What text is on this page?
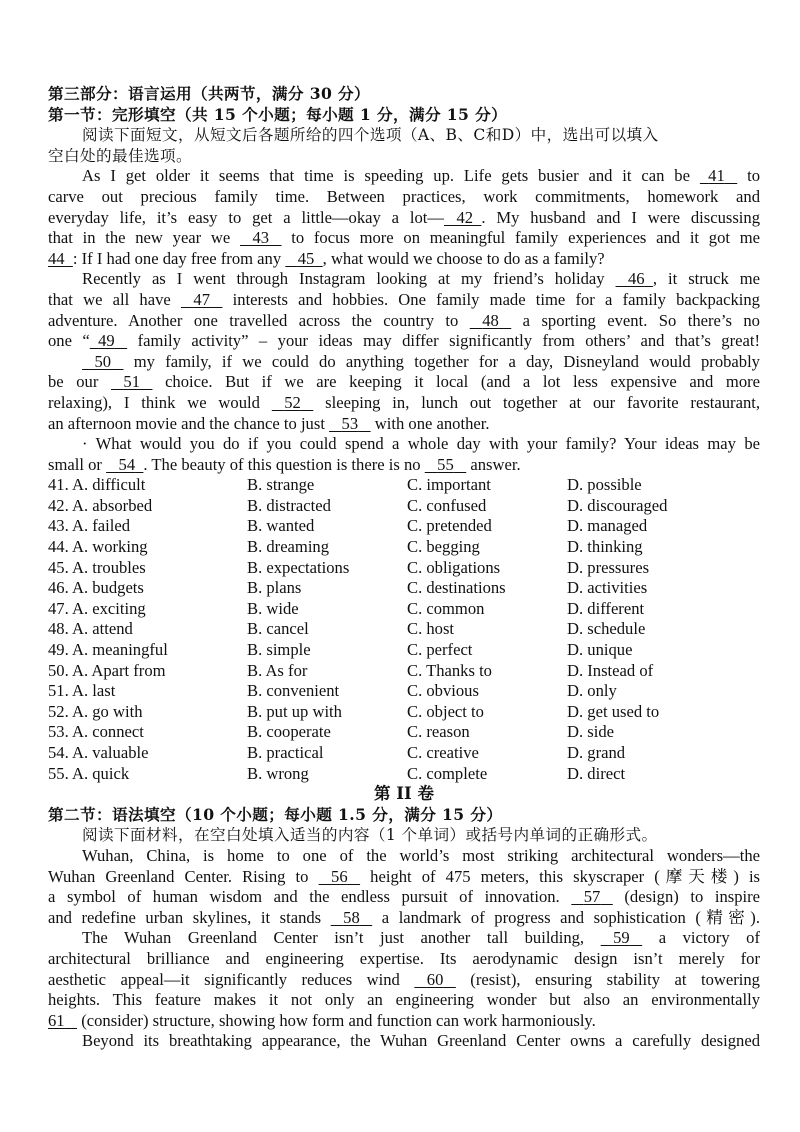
第三部分：语言运用（共两节，满分 30 分）
第一节：完形填空（共 15 个小题；每小题 1 分，满分 15 分）
阅读下面短文，从短文后各题所给的四个选项（A、B、C和D）中，选出可以填入
空白处的最佳选项。
As I get older it seems that time is speeding up. Life gets busier and it can be 41 to
carve out precious family time. Between practices, work commitments, homework and
everyday life, it’s easy to get a little—okay a lot— 42 . My husband and I were discussing
that in the new year we 43 to focus more on meaningful family experiences and it got me
44 : If I had one day free from any 45 , what would we choose to do as a family?
Recently as I went through Instagram looking at my friend’s holiday 46 , it struck me
that we all have 47 interests and hobbies. One family made time for a family backpacking
adventure. Another one travelled across the country to 48 a sporting event. So there’s no
one “ 49 family activity” – your ideas may differ significantly from others’ and that’s great!
50 my family, if we could do anything together for a day, Disneyland would probably
be our 51 choice. But if we are keeping it local (and a lot less expensive and more
relaxing), I think we would 52 sleeping in, lunch out together at our favorite restaurant,
an afternoon movie and the chance to just 53 with one another.
· What would you do if you could spend a whole day with your family? Your ideas may be
small or 54 . The beauty of this question is there is no 55 answer.
41. A. difficult	B. strange	C. important	D. possible
42. A. absorbed	B. distracted	C. confused	D. discouraged
43. A. failed	B. wanted	C. pretended	D. managed
44. A. working	B. dreaming	C. begging	D. thinking
45. A. troubles	B. expectations	C. obligations	D. pressures
46. A. budgets	B. plans	C. destinations	D. activities
47. A. exciting	B. wide	C. common	D. different
48. A. attend	B. cancel	C. host	D. schedule
49. A. meaningful	B. simple	C. perfect	D. unique
50. A. Apart from	B. As for	C. Thanks to	D. Instead of
51. A. last	B. convenient	C. obvious	D. only
52. A. go with	B. put up with	C. object to	D. get used to
53. A. connect	B. cooperate	C. reason	D. side
54. A. valuable	B. practical	C. creative	D. grand
55. A. quick	B. wrong	C. complete	D. direct
第 II 卷
第二节：语法填空（10 个小题；每小题 1.5 分，满分 15 分）
阅读下面材料，在空白处填入适当的内容（1 个单词）或括号内单词的正确形式。
Wuhan, China, is home to one of the world’s most striking architectural wonders—the
Wuhan Greenland Center. Rising to 56 height of 475 meters, this skyscraper (摩天楼) is
a symbol of human wisdom and the endless pursuit of innovation. 57 (design) to inspire
and redefine urban skylines, it stands 58 a landmark of progress and sophistication (精密).
The Wuhan Greenland Center isn’t just another tall building, 59 a victory of
architectural brilliance and engineering expertise. Its aerodynamic design isn’t merely for
aesthetic appeal—it significantly reduces wind 60 (resist), ensuring stability at towering
heights. This feature makes it not only an engineering wonder but also an environmentally
61 (consider) structure, showing how form and function can work harmoniously.
Beyond its breathtaking appearance, the Wuhan Greenland Center owns a carefully designed
